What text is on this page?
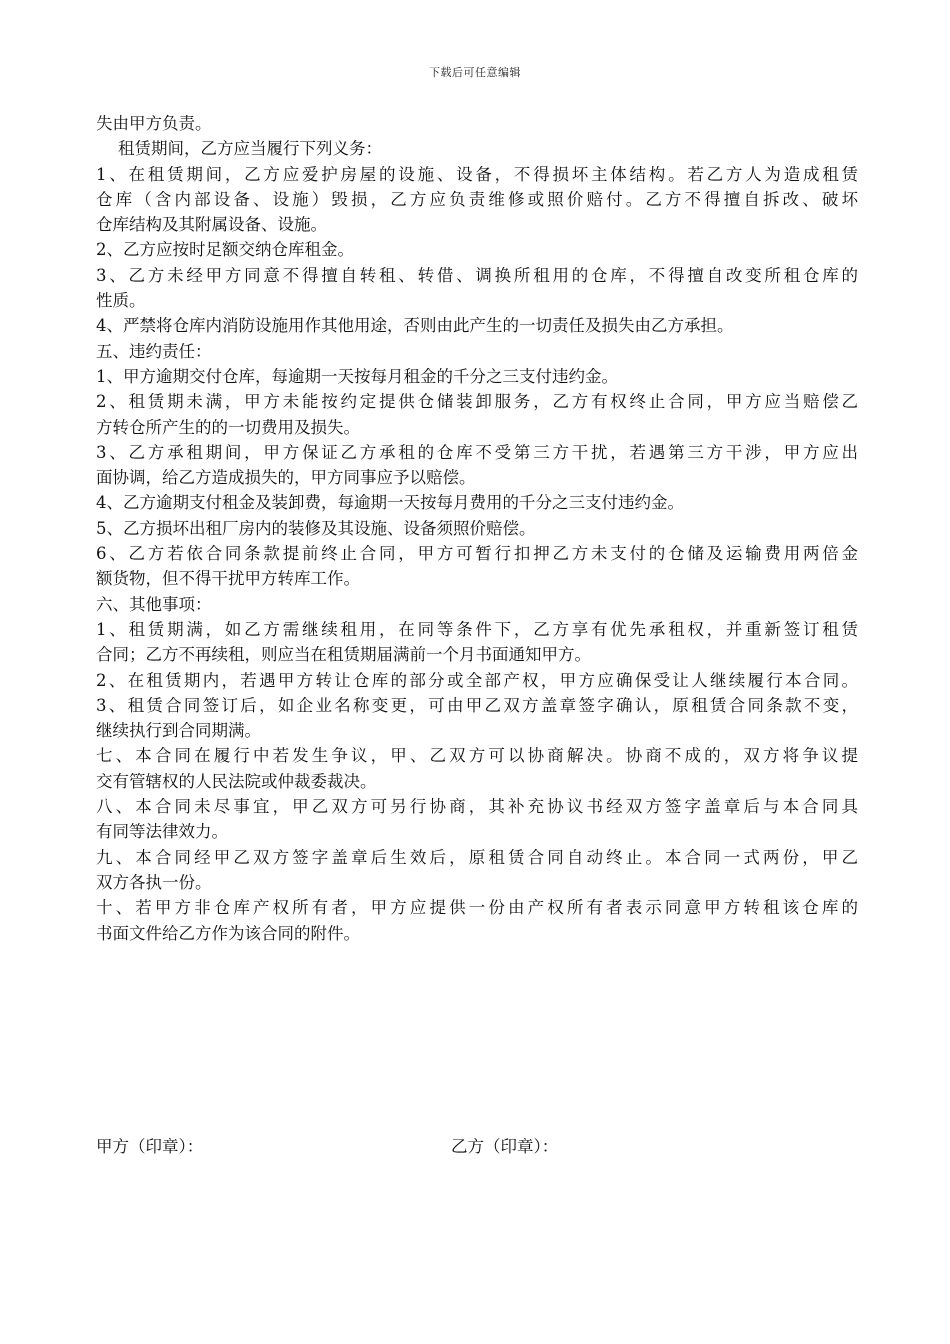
下载后可任意编辑
失由甲方负责。
租赁期间，乙方应当履行下列义务：
1、在租赁期间，乙方应爱护房屋的设施、设备，不得损坏主体结构。若乙方人为造成租赁
仓库（含内部设备、设施）毁损，乙方应负责维修或照价赔付。乙方不得擅自拆改、破坏
仓库结构及其附属设备、设施。
2、乙方应按时足额交纳仓库租金。
3、乙方未经甲方同意不得擅自转租、转借、调换所租用的仓库，不得擅自改变所租仓库的
性质。
4、严禁将仓库内消防设施用作其他用途，否则由此产生的一切责任及损失由乙方承担。
五、违约责任：
1、甲方逾期交付仓库，每逾期一天按每月租金的千分之三支付违约金。
2、租赁期未满，甲方未能按约定提供仓储装卸服务，乙方有权终止合同，甲方应当赔偿乙
方转仓所产生的的一切费用及损失。
3、乙方承租期间，甲方保证乙方承租的仓库不受第三方干扰，若遇第三方干涉，甲方应出
面协调，给乙方造成损失的，甲方同事应予以赔偿。
4、乙方逾期支付租金及装卸费，每逾期一天按每月费用的千分之三支付违约金。
5、乙方损坏出租厂房内的装修及其设施、设备须照价赔偿。
6、乙方若依合同条款提前终止合同，甲方可暂行扣押乙方未支付的仓储及运输费用两倍金
额货物，但不得干扰甲方转库工作。
六、其他事项：
1、租赁期满，如乙方需继续租用，在同等条件下，乙方享有优先承租权，并重新签订租赁
合同；乙方不再续租，则应当在租赁期届满前一个月书面通知甲方。
2、在租赁期内，若遇甲方转让仓库的部分或全部产权，甲方应确保受让人继续履行本合同。
3、租赁合同签订后，如企业名称变更，可由甲乙双方盖章签字确认，原租赁合同条款不变，
继续执行到合同期满。
七、本合同在履行中若发生争议，甲、乙双方可以协商解决。协商不成的，双方将争议提
交有管辖权的人民法院或仲裁委裁决。
八、本合同未尽事宜，甲乙双方可另行协商，其补充协议书经双方签字盖章后与本合同具
有同等法律效力。
九、本合同经甲乙双方签字盖章后生效后，原租赁合同自动终止。本合同一式两份，甲乙
双方各执一份。
十、若甲方非仓库产权所有者，甲方应提供一份由产权所有者表示同意甲方转租该仓库的
书面文件给乙方作为该合同的附件。
甲方（印章）：	乙方（印章）：
